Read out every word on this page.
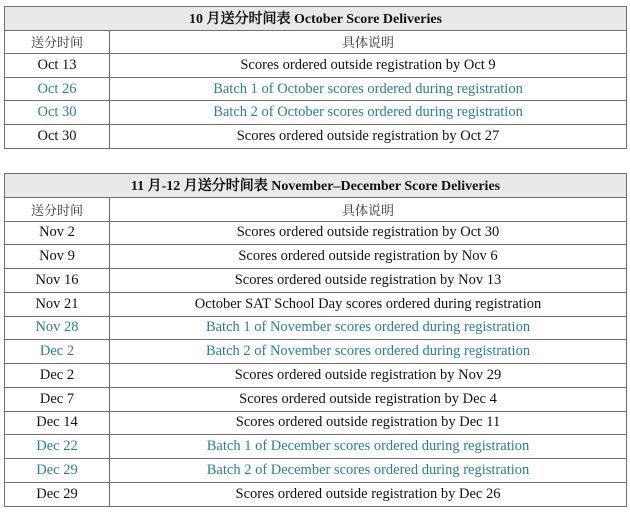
10 月送分时间表 October Score Deliveries	
送分时间	具体说明
Oct 13	Scores ordered outside registration by Oct 9
Oct 26	Batch 1 of October scores ordered during registration
Oct 30	Batch 2 of October scores ordered during registration
Oct 30	Scores ordered outside registration by Oct 27
11 月-12 月送分时间表 November–December Score Deliveries	
送分时间	具体说明
Nov 2	Scores ordered outside registration by Oct 30
Nov 9	Scores ordered outside registration by Nov 6
Nov 16	Scores ordered outside registration by Nov 13
Nov 21	October SAT School Day scores ordered during registration
Nov 28	Batch 1 of November scores ordered during registration
Dec 2	Batch 2 of November scores ordered during registration
Dec 2	Scores ordered outside registration by Nov 29
Dec 7	Scores ordered outside registration by Dec 4
Dec 14	Scores ordered outside registration by Dec 11
Dec 22	Batch 1 of December scores ordered during registration
Dec 29	Batch 2 of December scores ordered during registration
Dec 29	Scores ordered outside registration by Dec 26
